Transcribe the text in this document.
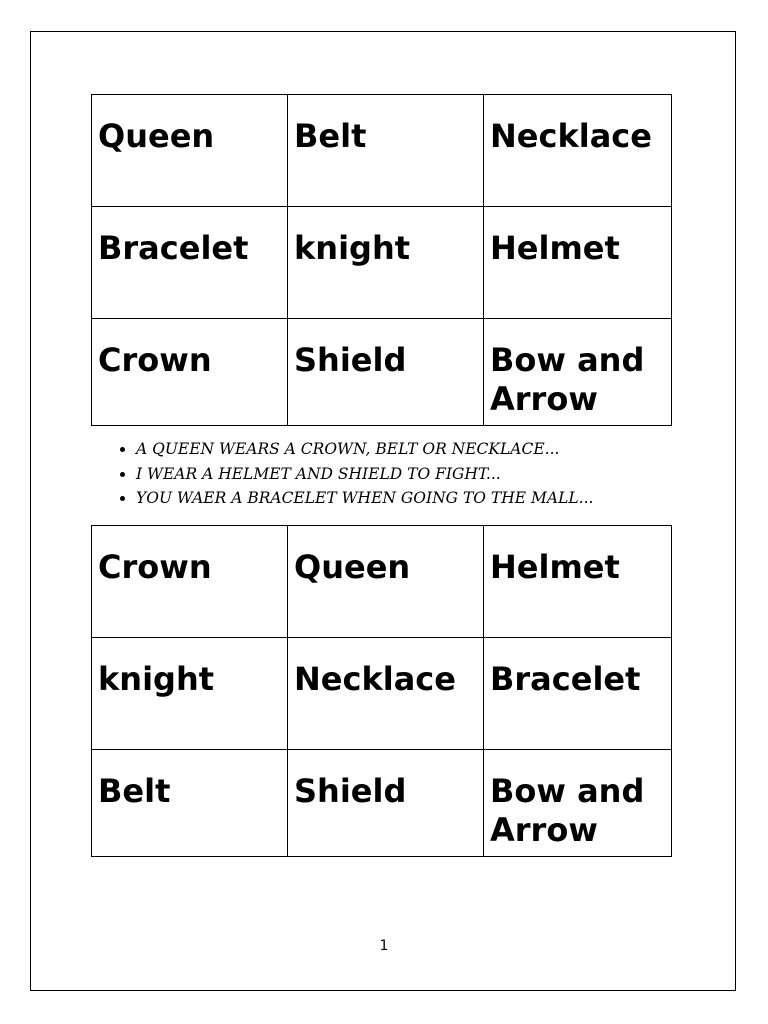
Queen	Belt	Necklace
Bracelet	knight	Helmet
Crown	Shield	Bow and Arrow
• A QUEEN WEARS A CROWN, BELT OR NECKLACE...
• I WEAR A HELMET AND SHIELD TO FIGHT...
• YOU WAER A BRACELET WHEN GOING TO THE MALL...
Crown	Queen	Helmet
knight	Necklace	Bracelet
Belt	Shield	Bow and Arrow
1
